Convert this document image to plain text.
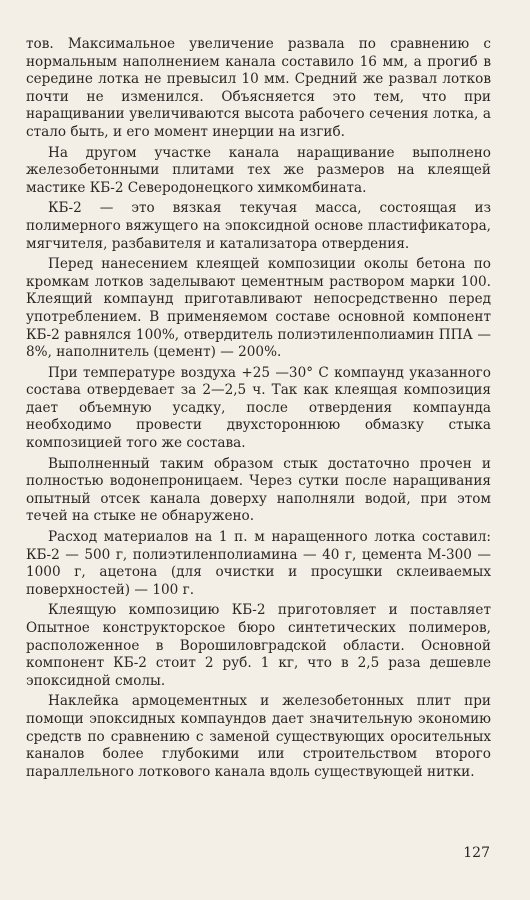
тов. Максимальное увеличение развала по сравнению с нормальным наполнением канала составило 16 мм, а прогиб в середине лотка не превысил 10 мм. Средний же развал лотков почти не изменился. Объясняется это тем, что при наращивании увеличиваются высота рабочего сечения лотка, а стало быть, и его момент инерции на изгиб.

На другом участке канала наращивание выполнено железобетонными плитами тех же размеров на клеящей мастике КБ-2 Северодонецкого химкомбината.

КБ-2 — это вязкая текучая масса, состоящая из полимерного вяжущего на эпоксидной основе пластификатора, мягчителя, разбавителя и катализатора отвердения.

Перед нанесением клеящей композиции околы бетона по кромкам лотков заделывают цементным раствором марки 100. Клеящий компаунд приготавливают непосредственно перед употреблением. В применяемом составе основной компонент КБ-2 равнялся 100%, отвердитель полиэтиленполиамин ППА — 8%, наполнитель (цемент) — 200%.

При температуре воздуха +25 —30° С компаунд указанного состава отвердевает за 2—2,5 ч. Так как клеящая композиция дает объемную усадку, после отвердения компаунда необходимо провести двухстороннюю обмазку стыка композицией того же состава.

Выполненный таким образом стык достаточно прочен и полностью водонепроницаем. Через сутки после наращивания опытный отсек канала доверху наполняли водой, при этом течей на стыке не обнаружено.

Расход материалов на 1 п. м наращенного лотка составил: КБ-2 — 500 г, полиэтиленполиамина — 40 г, цемента М-300 — 1000 г, ацетона (для очистки и просушки склеиваемых поверхностей) — 100 г.

Клеящую композицию КБ-2 приготовляет и поставляет Опытное конструкторское бюро синтетических полимеров, расположенное в Ворошиловградской области. Основной компонент КБ-2 стоит 2 руб. 1 кг, что в 2,5 раза дешевле эпоксидной смолы.

Наклейка армоцементных и железобетонных плит при помощи эпоксидных компаундов дает значительную экономию средств по сравнению с заменой существующих оросительных каналов более глубокими или строительством второго параллельного лоткового канала вдоль существующей нитки.

127
